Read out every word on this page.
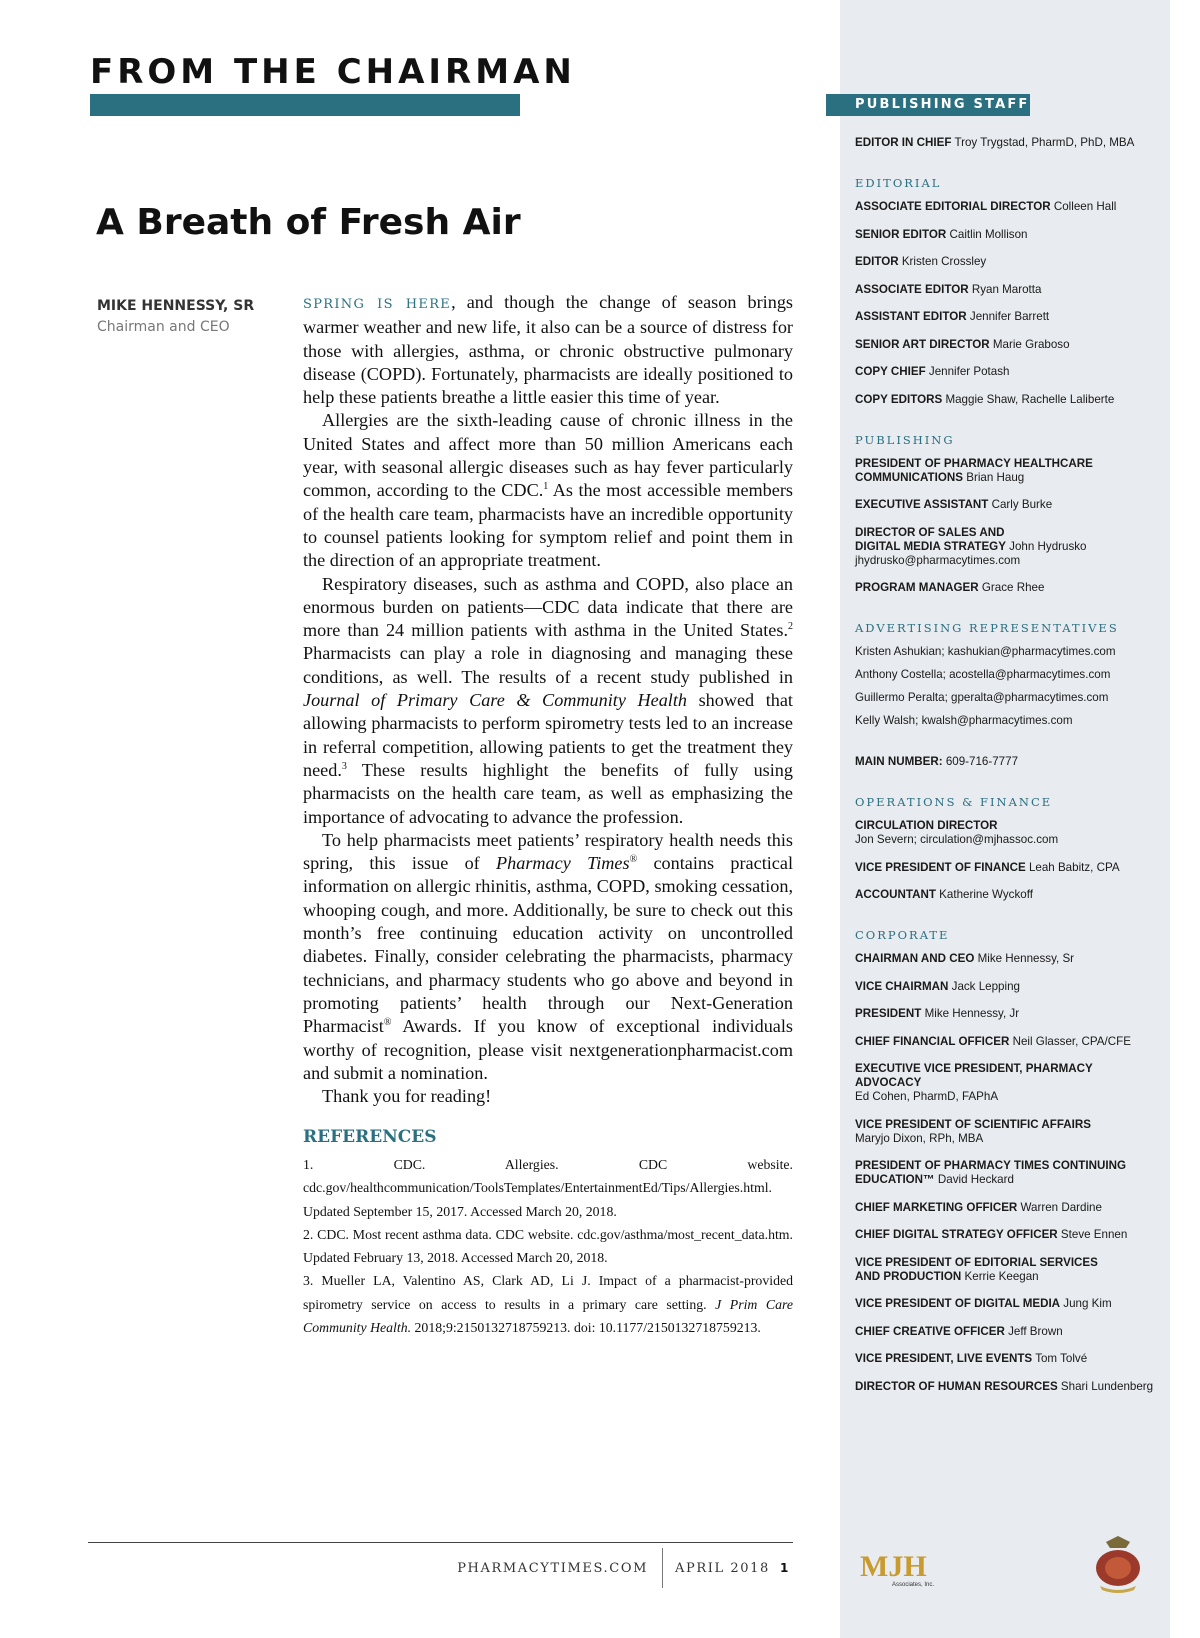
FROM THE CHAIRMAN
A Breath of Fresh Air
MIKE HENNESSY, SR
Chairman and CEO

SPRING IS HERE, and though the change of season brings warmer weather and new life, it also can be a source of distress for those with allergies, asthma, or chronic obstructive pulmonary disease (COPD). Fortunately, pharmacists are ideally positioned to help these patients breathe a little easier this time of year.

Allergies are the sixth-leading cause of chronic illness in the United States and affect more than 50 million Americans each year, with seasonal allergic diseases such as hay fever particularly common, according to the CDC.$^1$ As the most accessible members of the health care team, pharmacists have an incredible opportunity to counsel patients looking for symptom relief and point them in the direction of an appropriate treatment.

Respiratory diseases, such as asthma and COPD, also place an enormous burden on patients—CDC data indicate that there are more than 24 million patients with asthma in the United States.$^2$ Pharmacists can play a role in diagnosing and managing these conditions, as well. The results of a recent study published in Journal of Primary Care & Community Health showed that allowing pharmacists to perform spirometry tests led to an increase in referral competition, allowing patients to get the treatment they need.$^3$ These results highlight the benefits of fully using pharmacists on the health care team, as well as emphasizing the importance of advocating to advance the profession.

To help pharmacists meet patients’ respiratory health needs this spring, this issue of Pharmacy Times® contains practical information on allergic rhinitis, asthma, COPD, smoking cessation, whooping cough, and more. Additionally, be sure to check out this month’s free continuing education activity on uncontrolled diabetes. Finally, consider celebrating the pharmacists, pharmacy technicians, and pharmacy students who go above and beyond in promoting patients’ health through our Next-Generation Pharmacist® Awards. If you know of exceptional individuals worthy of recognition, please visit nextgenerationpharmacist.com and submit a nomination.

Thank you for reading!

REFERENCES
1. CDC. Allergies. CDC website. cdc.gov/healthcommunication/ToolsTemplates/EntertainmentEd/Tips/Allergies.html. Updated September 15, 2017. Accessed March 20, 2018.
2. CDC. Most recent asthma data. CDC website. cdc.gov/asthma/most_recent_data.htm. Updated February 13, 2018. Accessed March 20, 2018.
3. Mueller LA, Valentino AS, Clark AD, Li J. Impact of a pharmacist-provided spirometry service on access to results in a primary care setting. J Prim Care Community Health. 2018;9:2150132718759213. doi: 10.1177/2150132718759213.
PHARMACYTIMES.COM APRIL 2018 1
PUBLISHING STAFF
EDITOR IN CHIEF Troy Trygstad, PharmD, PhD, MBA
EDITORIAL
ASSOCIATE EDITORIAL DIRECTOR Colleen Hall
SENIOR EDITOR Caitlin Mollison
EDITOR Kristen Crossley
ASSOCIATE EDITOR Ryan Marotta
ASSISTANT EDITOR Jennifer Barrett
SENIOR ART DIRECTOR Marie Graboso
COPY CHIEF Jennifer Potash
COPY EDITORS Maggie Shaw, Rachelle Laliberte
PUBLISHING
PRESIDENT OF PHARMACY HEALTHCARE
COMMUNICATIONS Brian Haug
EXECUTIVE ASSISTANT Carly Burke
DIRECTOR OF SALES AND
DIGITAL MEDIA STRATEGY John Hydrusko
jhydrusko@pharmacytimes.com
PROGRAM MANAGER Grace Rhee
ADVERTISING REPRESENTATIVES
Kristen Ashukian; kashukian@pharmacytimes.com
Anthony Costella; acostella@pharmacytimes.com
Guillermo Peralta; gperalta@pharmacytimes.com
Kelly Walsh; kwalsh@pharmacytimes.com
MAIN NUMBER: 609-716-7777
OPERATIONS & FINANCE
CIRCULATION DIRECTOR
Jon Severn; circulation@mjhassoc.com
VICE PRESIDENT OF FINANCE Leah Babitz, CPA
ACCOUNTANT Katherine Wyckoff
CORPORATE
CHAIRMAN AND CEO Mike Hennessy, Sr
VICE CHAIRMAN Jack Lepping
PRESIDENT Mike Hennessy, Jr
CHIEF FINANCIAL OFFICER Neil Glasser, CPA/CFE
EXECUTIVE VICE PRESIDENT, PHARMACY ADVOCACY
Ed Cohen, PharmD, FAPhA
VICE PRESIDENT OF SCIENTIFIC AFFAIRS
Maryjo Dixon, RPh, MBA
PRESIDENT OF PHARMACY TIMES CONTINUING
EDUCATION™ David Heckard
CHIEF MARKETING OFFICER Warren Dardine
CHIEF DIGITAL STRATEGY OFFICER Steve Ennen
VICE PRESIDENT OF EDITORIAL SERVICES
AND PRODUCTION Kerrie Keegan
VICE PRESIDENT OF DIGITAL MEDIA Jung Kim
CHIEF CREATIVE OFFICER Jeff Brown
VICE PRESIDENT, LIVE EVENTS Tom Tolvé
DIRECTOR OF HUMAN RESOURCES Shari Lundenberg
MJH
Associates, Inc.
